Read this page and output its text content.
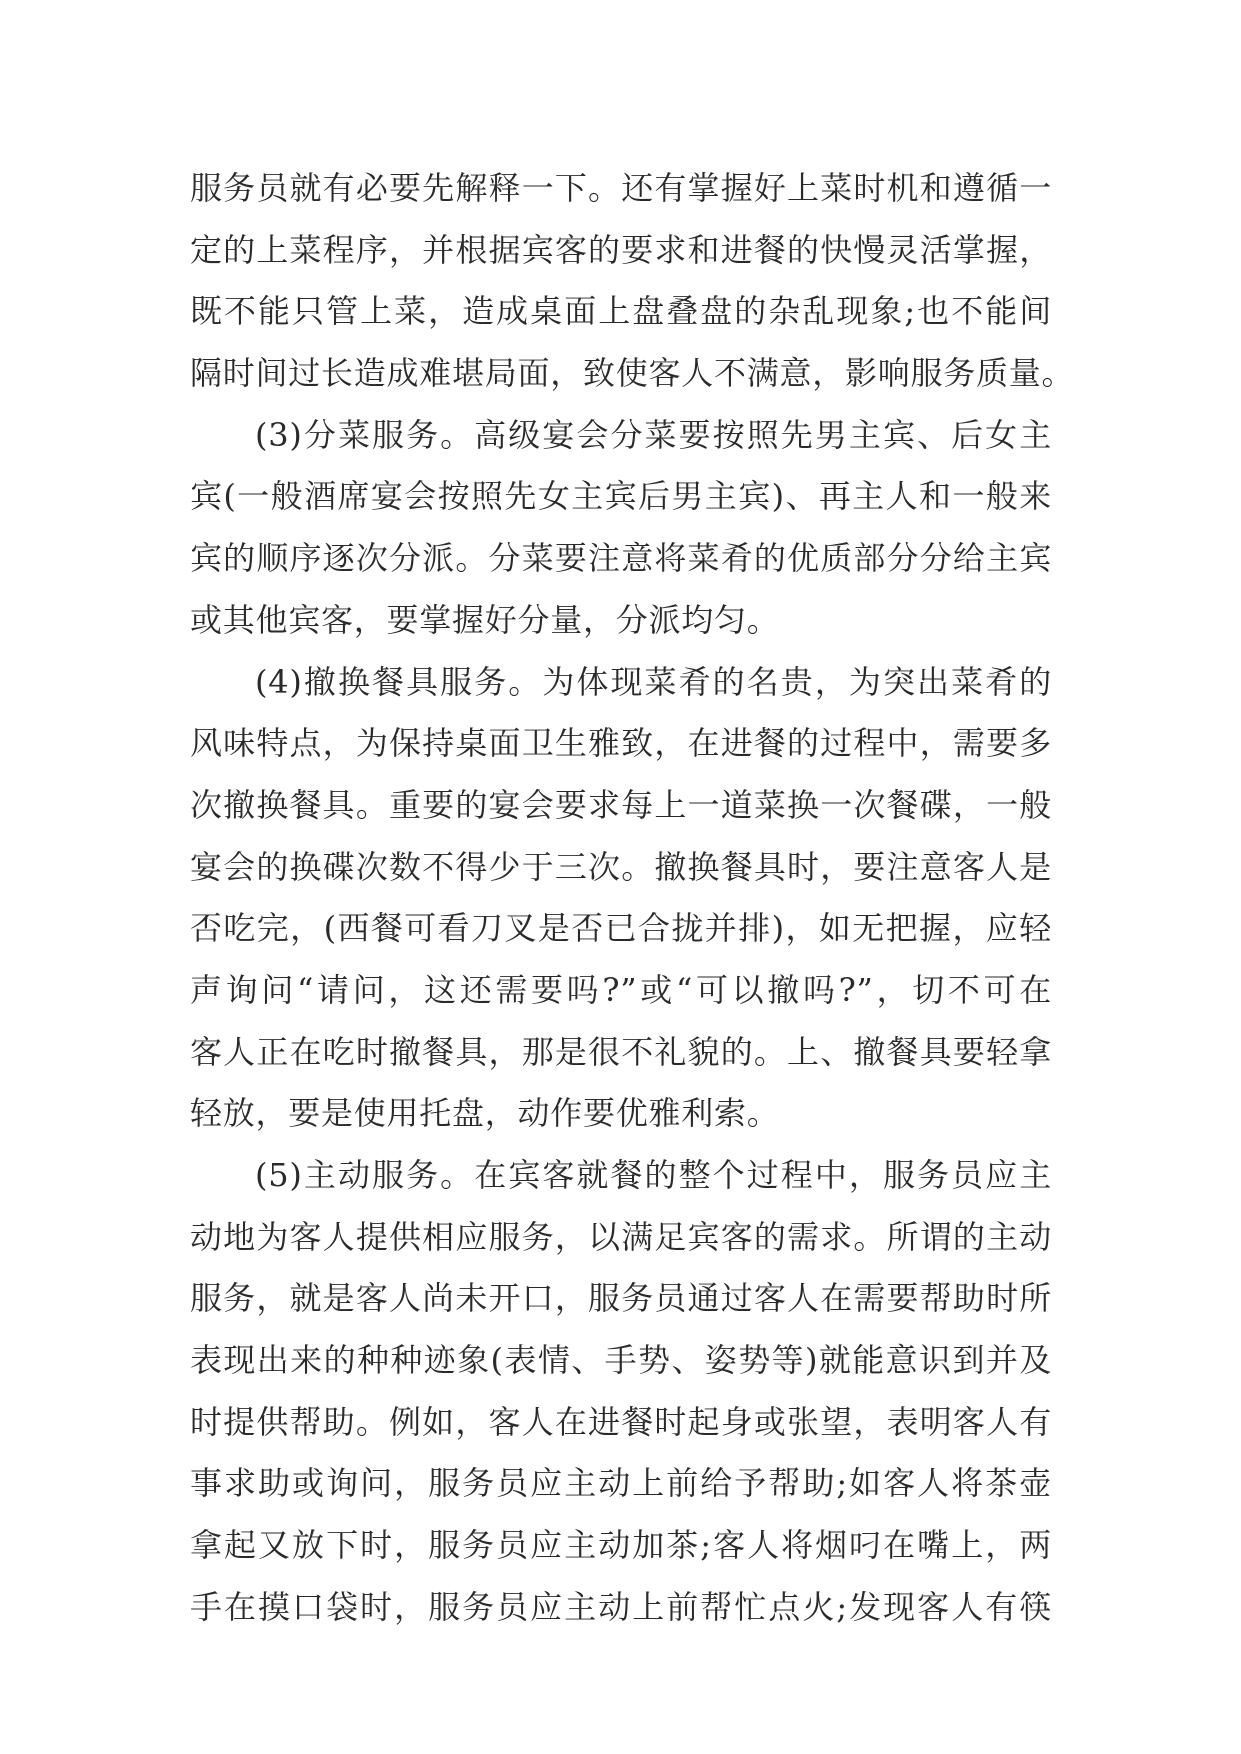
服务员就有必要先解释一下。还有掌握好上菜时机和遵循一
定的上菜程序，并根据宾客的要求和进餐的快慢灵活掌握，
既不能只管上菜，造成桌面上盘叠盘的杂乱现象;也不能间
隔时间过长造成难堪局面，致使客人不满意，影响服务质量。
(3)分菜服务。高级宴会分菜要按照先男主宾、后女主
宾(一般酒席宴会按照先女主宾后男主宾)、再主人和一般来
宾的顺序逐次分派。分菜要注意将菜肴的优质部分分给主宾
或其他宾客，要掌握好分量，分派均匀。
(4)撤换餐具服务。为体现菜肴的名贵，为突出菜肴的
风味特点，为保持桌面卫生雅致，在进餐的过程中，需要多
次撤换餐具。重要的宴会要求每上一道菜换一次餐碟，一般
宴会的换碟次数不得少于三次。撤换餐具时，要注意客人是
否吃完，(西餐可看刀叉是否已合拢并排)，如无把握，应轻
声询问“请问，这还需要吗?”或“可以撤吗?”，切不可在
客人正在吃时撤餐具，那是很不礼貌的。上、撤餐具要轻拿
轻放，要是使用托盘，动作要优雅利索。
(5)主动服务。在宾客就餐的整个过程中，服务员应主
动地为客人提供相应服务，以满足宾客的需求。所谓的主动
服务，就是客人尚未开口，服务员通过客人在需要帮助时所
表现出来的种种迹象(表情、手势、姿势等)就能意识到并及
时提供帮助。例如，客人在进餐时起身或张望，表明客人有
事求助或询问，服务员应主动上前给予帮助;如客人将茶壶
拿起又放下时，服务员应主动加茶;客人将烟叼在嘴上，两
手在摸口袋时，服务员应主动上前帮忙点火;发现客人有筷
